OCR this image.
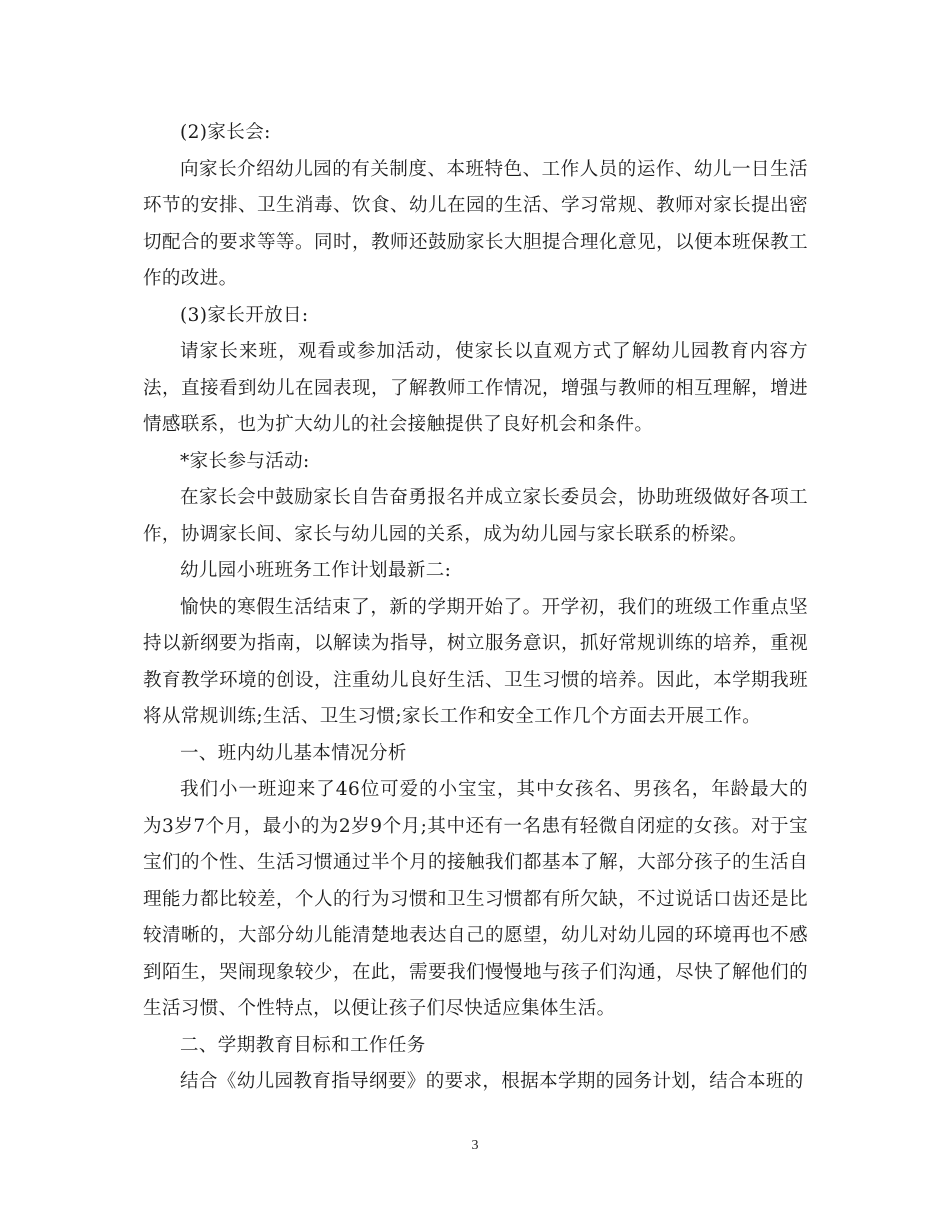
(2)家长会:

向家长介绍幼儿园的有关制度、本班特色、工作人员的运作、幼儿一日生活环节的安排、卫生消毒、饮食、幼儿在园的生活、学习常规、教师对家长提出密切配合的要求等等。同时，教师还鼓励家长大胆提合理化意见，以便本班保教工作的改进。

(3)家长开放日:

请家长来班，观看或参加活动，使家长以直观方式了解幼儿园教育内容方法，直接看到幼儿在园表现，了解教师工作情况，增强与教师的相互理解，增进情感联系，也为扩大幼儿的社会接触提供了良好机会和条件。

*家长参与活动:

在家长会中鼓励家长自告奋勇报名并成立家长委员会，协助班级做好各项工作，协调家长间、家长与幼儿园的关系，成为幼儿园与家长联系的桥梁。

幼儿园小班班务工作计划最新二:

愉快的寒假生活结束了，新的学期开始了。开学初，我们的班级工作重点坚持以新纲要为指南，以解读为指导，树立服务意识，抓好常规训练的培养，重视教育教学环境的创设，注重幼儿良好生活、卫生习惯的培养。因此，本学期我班将从常规训练;生活、卫生习惯;家长工作和安全工作几个方面去开展工作。

一、班内幼儿基本情况分析

我们小一班迎来了46位可爱的小宝宝，其中女孩名、男孩名，年龄最大的为3岁7个月，最小的为2岁9个月;其中还有一名患有轻微自闭症的女孩。对于宝宝们的个性、生活习惯通过半个月的接触我们都基本了解，大部分孩子的生活自理能力都比较差，个人的行为习惯和卫生习惯都有所欠缺，不过说话口齿还是比较清晰的，大部分幼儿能清楚地表达自己的愿望，幼儿对幼儿园的环境再也不感到陌生，哭闹现象较少，在此，需要我们慢慢地与孩子们沟通，尽快了解他们的生活习惯、个性特点，以便让孩子们尽快适应集体生活。

二、学期教育目标和工作任务

结合《幼儿园教育指导纲要》的要求，根据本学期的园务计划，结合本班的

3
